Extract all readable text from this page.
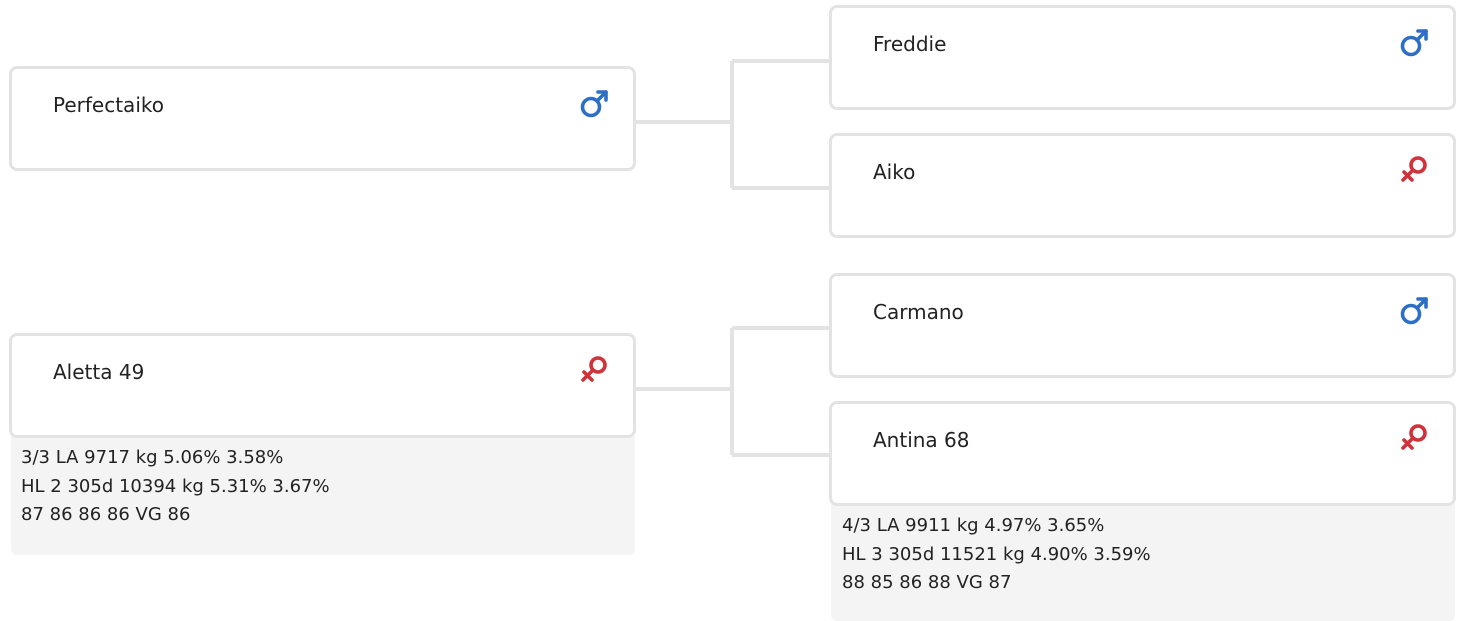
Perfectaiko
Aletta 49
3/3 LA 9717 kg 5.06% 3.58%
HL 2 305d 10394 kg 5.31% 3.67%
87 86 86 86 VG 86
Freddie
Aiko
Carmano
Antina 68
4/3 LA 9911 kg 4.97% 3.65%
HL 3 305d 11521 kg 4.90% 3.59%
88 85 86 88 VG 87
